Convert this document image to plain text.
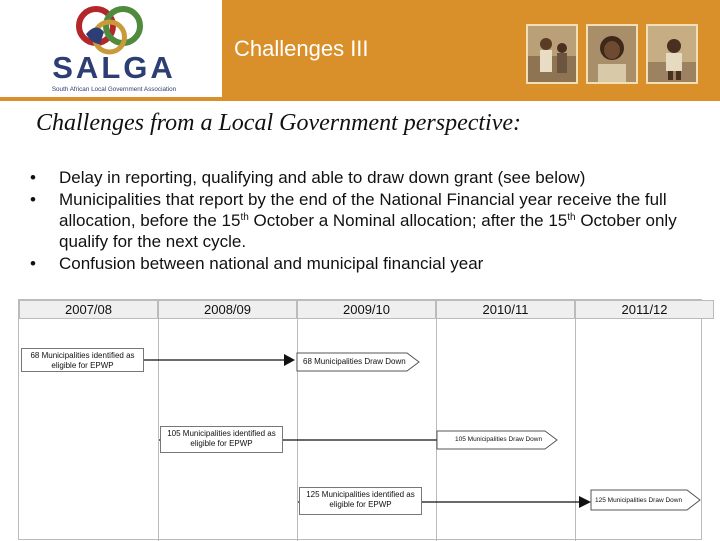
SALGA
South African Local Government Association
Challenges III
Challenges from a Local Government perspective:
• Delay in reporting, qualifying and able to draw down grant (see below)
• Municipalities that report by the end of the National Financial year receive the full allocation, before the 15th October a Nominal allocation; after the 15th October only qualify for the next cycle.
• Confusion between national and municipal financial year
2007/08	2008/09	2009/10	2010/11	2011/12
68 Municipalities identified as eligible for EPWP
105 Municipalities identified as eligible for EPWP
125 Municipalities identified as eligible for EPWP
68 Municipalities Draw Down
105 Municipalities Draw Down
125 Municipalities Draw Down
